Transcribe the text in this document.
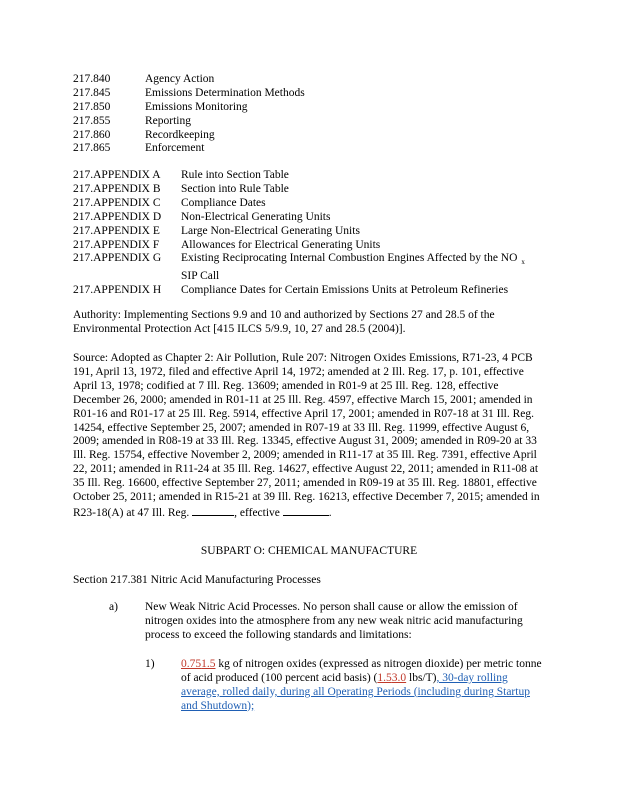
217.840	Agency Action
217.845	Emissions Determination Methods
217.850	Emissions Monitoring
217.855	Reporting
217.860	Recordkeeping
217.865	Enforcement
217.APPENDIX A	Rule into Section Table
217.APPENDIX B	Section into Rule Table
217.APPENDIX C	Compliance Dates
217.APPENDIX D	Non-Electrical Generating Units
217.APPENDIX E	Large Non-Electrical Generating Units
217.APPENDIX F	Allowances for Electrical Generating Units
217.APPENDIX G	Existing Reciprocating Internal Combustion Engines Affected by the NO $_x$
SIP Call
217.APPENDIX H	Compliance Dates for Certain Emissions Units at Petroleum Refineries
Authority: Implementing Sections 9.9 and 10 and authorized by Sections 27 and 28.5 of the Environmental Protection Act [415 ILCS 5/9.9, 10, 27 and 28.5 (2004)].
Source: Adopted as Chapter 2: Air Pollution, Rule 207: Nitrogen Oxides Emissions, R71-23, 4 PCB 191, April 13, 1972, filed and effective April 14, 1972; amended at 2 Ill. Reg. 17, p. 101, effective April 13, 1978; codified at 7 Ill. Reg. 13609; amended in R01-9 at 25 Ill. Reg. 128, effective December 26, 2000; amended in R01-11 at 25 Ill. Reg. 4597, effective March 15, 2001; amended in R01-16 and R01-17 at 25 Ill. Reg. 5914, effective April 17, 2001; amended in R07-18 at 31 Ill. Reg. 14254, effective September 25, 2007; amended in R07-19 at 33 Ill. Reg. 11999, effective August 6, 2009; amended in R08-19 at 33 Ill. Reg. 13345, effective August 31, 2009; amended in R09-20 at 33 Ill. Reg. 15754, effective November 2, 2009; amended in R11-17 at 35 Ill. Reg. 7391, effective April 22, 2011; amended in R11-24 at 35 Ill. Reg. 14627, effective August 22, 2011; amended in R11-08 at 35 Ill. Reg. 16600, effective September 27, 2011; amended in R09-19 at 35 Ill. Reg. 18801, effective October 25, 2011; amended in R15-21 at 39 Ill. Reg. 16213, effective December 7, 2015; amended in R23-18(A) at 47 Ill. Reg.	, effective	.
SUBPART O: CHEMICAL MANUFACTURE
Section 217.381 Nitric Acid Manufacturing Processes
a) New Weak Nitric Acid Processes. No person shall cause or allow the emission of nitrogen oxides into the atmosphere from any new weak nitric acid manufacturing process to exceed the following standards and limitations:
1) 0.751.5 kg of nitrogen oxides (expressed as nitrogen dioxide) per metric tonne of acid produced (100 percent acid basis) (1.53.0 lbs/T), 30-day rolling average, rolled daily, during all Operating Periods (including during Startup and Shutdown);
